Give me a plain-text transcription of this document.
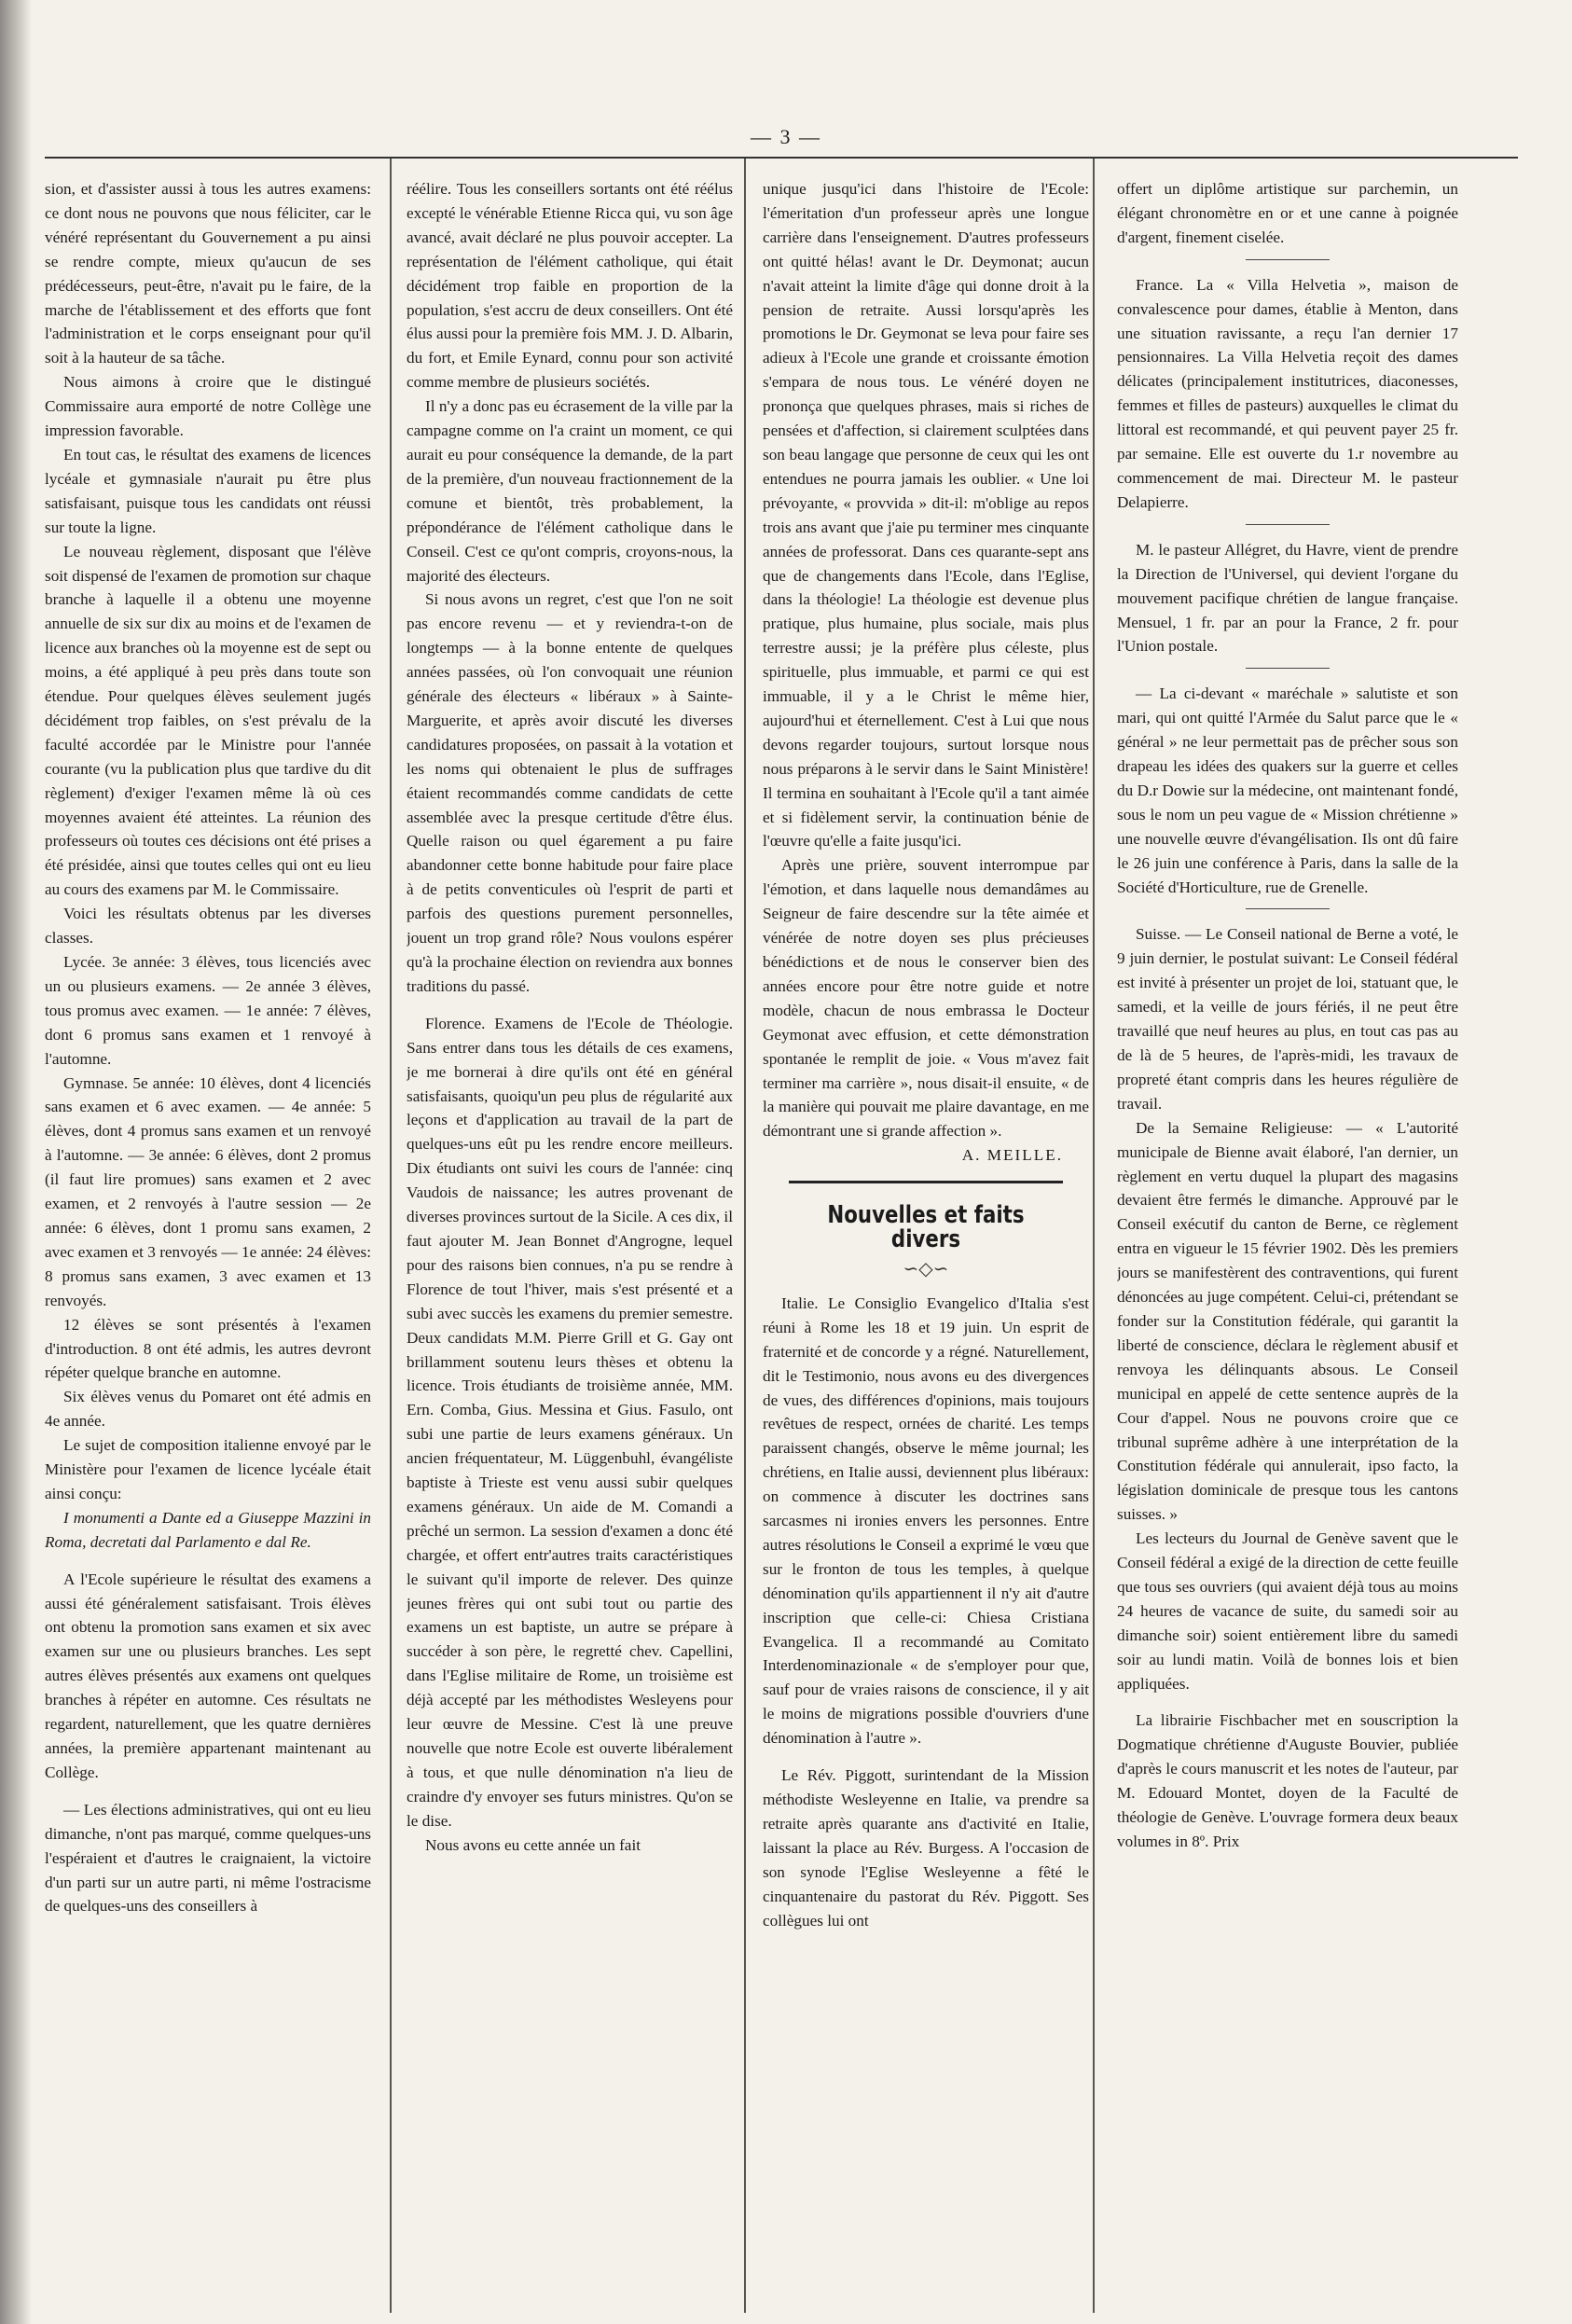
— 3 —

sion, et d'assister aussi à tous les autres examens: ce dont nous ne pouvons que nous féliciter, car le vénéré représentant du Gouvernement a pu ainsi se rendre compte, mieux qu'aucun de ses prédécesseurs, peut-être, n'avait pu le faire, de la marche de l'établissement et des efforts que font l'administration et le corps enseignant pour qu'il soit à la hauteur de sa tâche.

Nous aimons à croire que le distingué Commissaire aura emporté de notre Collège une impression favorable.

En tout cas, le résultat des examens de licences lycéale et gymnasiale n'aurait pu être plus satisfaisant, puisque tous les candidats ont réussi sur toute la ligne.

Le nouveau règlement, disposant que l'élève soit dispensé de l'examen de promotion sur chaque branche à laquelle il a obtenu une moyenne annuelle de six sur dix au moins et de l'examen de licence aux branches où la moyenne est de sept ou moins, a été appliqué à peu près dans toute son étendue. Pour quelques élèves seulement jugés décidément trop faibles, on s'est prévalu de la faculté accordée par le Ministre pour l'année courante (vu la publication plus que tardive du dit règlement) d'exiger l'examen même là où ces moyennes avaient été atteintes. La réunion des professeurs où toutes ces décisions ont été prises a été présidée, ainsi que toutes celles qui ont eu lieu au cours des examens par M. le Commissaire.

Voici les résultats obtenus par les diverses classes.

Lycée. 3e année: 3 élèves, tous licenciés avec un ou plusieurs examens. — 2e année 3 élèves, tous promus avec examen. — 1e année: 7 élèves, dont 6 promus sans examen et 1 renvoyé à l'automne.

Gymnase. 5e année: 10 élèves, dont 4 licenciés sans examen et 6 avec examen. — 4e année: 5 élèves, dont 4 promus sans examen et un renvoyé à l'automne. — 3e année: 6 élèves, dont 2 promus (il faut lire promues) sans examen et 2 avec examen, et 2 renvoyés à l'autre session — 2e année: 6 élèves, dont 1 promu sans examen, 2 avec examen et 3 renvoyés — 1e année: 24 élèves: 8 promus sans examen, 3 avec examen et 13 renvoyés.

12 élèves se sont présentés à l'examen d'introduction. 8 ont été admis, les autres devront répéter quelque branche en automne.

Six élèves venus du Pomaret ont été admis en 4e année.

Le sujet de composition italienne envoyé par le Ministère pour l'examen de licence lycéale était ainsi conçu:

I monumenti a Dante ed a Giuseppe Mazzini in Roma, decretati dal Parlamento e dal Re.

A l'Ecole supérieure le résultat des examens a aussi été généralement satisfaisant. Trois élèves ont obtenu la promotion sans examen et six avec examen sur une ou plusieurs branches. Les sept autres élèves présentés aux examens ont quelques branches à répéter en automne. Ces résultats ne regardent, naturellement, que les quatre dernières années, la première appartenant maintenant au Collège.

— Les élections administratives, qui ont eu lieu dimanche, n'ont pas marqué, comme quelques-uns l'espéraient et d'autres le craignaient, la victoire d'un parti sur un autre parti, ni même l'ostracisme de quelques-uns des conseillers à

réélire. Tous les conseillers sortants ont été réélus excepté le vénérable Etienne Ricca qui, vu son âge avancé, avait déclaré ne plus pouvoir accepter. La représentation de l'élément catholique, qui était décidément trop faible en proportion de la population, s'est accru de deux conseillers. Ont été élus aussi pour la première fois MM. J. D. Albarin, du fort, et Emile Eynard, connu pour son activité comme membre de plusieurs sociétés.

Il n'y a donc pas eu écrasement de la ville par la campagne comme on l'a craint un moment, ce qui aurait eu pour conséquence la demande, de la part de la première, d'un nouveau fractionnement de la comune et bientôt, très probablement, la prépondérance de l'élément catholique dans le Conseil. C'est ce qu'ont compris, croyons-nous, la majorité des électeurs.

Si nous avons un regret, c'est que l'on ne soit pas encore revenu — et y reviendra-t-on de longtemps — à la bonne entente de quelques années passées, où l'on convoquait une réunion générale des électeurs « libéraux » à Sainte-Marguerite, et après avoir discuté les diverses candidatures proposées, on passait à la votation et les noms qui obtenaient le plus de suffrages étaient recommandés comme candidats de cette assemblée avec la presque certitude d'être élus. Quelle raison ou quel égarement a pu faire abandonner cette bonne habitude pour faire place à de petits conventicules où l'esprit de parti et parfois des questions purement personnelles, jouent un trop grand rôle? Nous voulons espérer qu'à la prochaine élection on reviendra aux bonnes traditions du passé.

Florence. Examens de l'Ecole de Théologie. Sans entrer dans tous les détails de ces examens, je me bornerai à dire qu'ils ont été en général satisfaisants, quoiqu'un peu plus de régularité aux leçons et d'application au travail de la part de quelques-uns eût pu les rendre encore meilleurs. Dix étudiants ont suivi les cours de l'année: cinq Vaudois de naissance; les autres provenant de diverses provinces surtout de la Sicile. A ces dix, il faut ajouter M. Jean Bonnet d'Angrogne, lequel pour des raisons bien connues, n'a pu se rendre à Florence de tout l'hiver, mais s'est présenté et a subi avec succès les examens du premier semestre. Deux candidats M.M. Pierre Grill et G. Gay ont brillamment soutenu leurs thèses et obtenu la licence. Trois étudiants de troisième année, MM. Ern. Comba, Gius. Messina et Gius. Fasulo, ont subi une partie de leurs examens généraux. Un ancien fréquentateur, M. Lüggenbuhl, évangéliste baptiste à Trieste est venu aussi subir quelques examens généraux. Un aide de M. Comandi a prêché un sermon. La session d'examen a donc été chargée, et offert entr'autres traits caractéristiques le suivant qu'il importe de relever. Des quinze jeunes frères qui ont subi tout ou partie des examens un est baptiste, un autre se prépare à succéder à son père, le regretté chev. Capellini, dans l'Eglise militaire de Rome, un troisième est déjà accepté par les méthodistes Wesleyens pour leur œuvre de Messine. C'est là une preuve nouvelle que notre Ecole est ouverte libéralement à tous, et que nulle dénomination n'a lieu de craindre d'y envoyer ses futurs ministres. Qu'on se le dise.

Nous avons eu cette année un fait

unique jusqu'ici dans l'histoire de l'Ecole: l'émeritation d'un professeur après une longue carrière dans l'enseignement. D'autres professeurs ont quitté hélas! avant le Dr. Deymonat; aucun n'avait atteint la limite d'âge qui donne droit à la pension de retraite. Aussi lorsqu'après les promotions le Dr. Geymonat se leva pour faire ses adieux à l'Ecole une grande et croissante émotion s'empara de nous tous. Le vénéré doyen ne prononça que quelques phrases, mais si riches de pensées et d'affection, si clairement sculptées dans son beau langage que personne de ceux qui les ont entendues ne pourra jamais les oublier. « Une loi prévoyante, « provvida » dit-il: m'oblige au repos trois ans avant que j'aie pu terminer mes cinquante années de professorat. Dans ces quarante-sept ans que de changements dans l'Ecole, dans l'Eglise, dans la théologie! La théologie est devenue plus pratique, plus humaine, plus sociale, mais plus terrestre aussi; je la préfère plus céleste, plus spirituelle, plus immuable, et parmi ce qui est immuable, il y a le Christ le même hier, aujourd'hui et éternellement. C'est à Lui que nous devons regarder toujours, surtout lorsque nous nous préparons à le servir dans le Saint Ministère! Il termina en souhaitant à l'Ecole qu'il a tant aimée et si fidèlement servir, la continuation bénie de l'œuvre qu'elle a faite jusqu'ici.

Après une prière, souvent interrompue par l'émotion, et dans laquelle nous demandâmes au Seigneur de faire descendre sur la tête aimée et vénérée de notre doyen ses plus précieuses bénédictions et de nous le conserver bien des années encore pour être notre guide et notre modèle, chacun de nous embrassa le Docteur Geymonat avec effusion, et cette démonstration spontanée le remplit de joie. « Vous m'avez fait terminer ma carrière », nous disait-il ensuite, « de la manière qui pouvait me plaire davantage, en me démontrant une si grande affection ».

A. MEILLE.

Nouvelles et faits divers
∽◇∽

Italie. Le Consiglio Evangelico d'Italia s'est réuni à Rome les 18 et 19 juin. Un esprit de fraternité et de concorde y a régné. Naturellement, dit le Testimonio, nous avons eu des divergences de vues, des différences d'opinions, mais toujours revêtues de respect, ornées de charité. Les temps paraissent changés, observe le même journal; les chrétiens, en Italie aussi, deviennent plus libéraux: on commence à discuter les doctrines sans sarcasmes ni ironies envers les personnes. Entre autres résolutions le Conseil a exprimé le vœu que sur le fronton de tous les temples, à quelque dénomination qu'ils appartiennent il n'y ait d'autre inscription que celle-ci: Chiesa Cristiana Evangelica. Il a recommandé au Comitato Interdenominazionale « de s'employer pour que, sauf pour de vraies raisons de conscience, il y ait le moins de migrations possible d'ouvriers d'une dénomination à l'autre ».

Le Rév. Piggott, surintendant de la Mission méthodiste Wesleyenne en Italie, va prendre sa retraite après quarante ans d'activité en Italie, laissant la place au Rév. Burgess. A l'occasion de son synode l'Eglise Wesleyenne a fêté le cinquantenaire du pastorat du Rév. Piggott. Ses collègues lui ont

offert un diplôme artistique sur parchemin, un élégant chronomètre en or et une canne à poignée d'argent, finement ciselée.

France. La « Villa Helvetia », maison de convalescence pour dames, établie à Menton, dans une situation ravissante, a reçu l'an dernier 17 pensionnaires. La Villa Helvetia reçoit des dames délicates (principalement institutrices, diaconesses, femmes et filles de pasteurs) auxquelles le climat du littoral est recommandé, et qui peuvent payer 25 fr. par semaine. Elle est ouverte du 1.r novembre au commencement de mai. Directeur M. le pasteur Delapierre.

M. le pasteur Allégret, du Havre, vient de prendre la Direction de l'Universel, qui devient l'organe du mouvement pacifique chrétien de langue française. Mensuel, 1 fr. par an pour la France, 2 fr. pour l'Union postale.

— La ci-devant « maréchale » salutiste et son mari, qui ont quitté l'Armée du Salut parce que le « général » ne leur permettait pas de prêcher sous son drapeau les idées des quakers sur la guerre et celles du D.r Dowie sur la médecine, ont maintenant fondé, sous le nom un peu vague de « Mission chrétienne » une nouvelle œuvre d'évangélisation. Ils ont dû faire le 26 juin une conférence à Paris, dans la salle de la Société d'Horticulture, rue de Grenelle.

Suisse. — Le Conseil national de Berne a voté, le 9 juin dernier, le postulat suivant: Le Conseil fédéral est invité à présenter un projet de loi, statuant que, le samedi, et la veille de jours fériés, il ne peut être travaillé que neuf heures au plus, en tout cas pas au de là de 5 heures, de l'après-midi, les travaux de propreté étant compris dans les heures régulière de travail.

De la Semaine Religieuse: — « L'autorité municipale de Bienne avait élaboré, l'an dernier, un règlement en vertu duquel la plupart des magasins devaient être fermés le dimanche. Approuvé par le Conseil exécutif du canton de Berne, ce règlement entra en vigueur le 15 février 1902. Dès les premiers jours se manifestèrent des contraventions, qui furent dénoncées au juge compétent. Celui-ci, prétendant se fonder sur la Constitution fédérale, qui garantit la liberté de conscience, déclara le règlement abusif et renvoya les délinquants absous. Le Conseil municipal en appelé de cette sentence auprès de la Cour d'appel. Nous ne pouvons croire que ce tribunal suprême adhère à une interprétation de la Constitution fédérale qui annulerait, ipso facto, la législation dominicale de presque tous les cantons suisses. »

Les lecteurs du Journal de Genève savent que le Conseil fédéral a exigé de la direction de cette feuille que tous ses ouvriers (qui avaient déjà tous au moins 24 heures de vacance de suite, du samedi soir au dimanche soir) soient entièrement libre du samedi soir au lundi matin. Voilà de bonnes lois et bien appliquées.

La librairie Fischbacher met en souscription la Dogmatique chrétienne d'Auguste Bouvier, publiée d'après le cours manuscrit et les notes de l'auteur, par M. Edouard Montet, doyen de la Faculté de théologie de Genève. L'ouvrage formera deux beaux volumes in 8º. Prix
